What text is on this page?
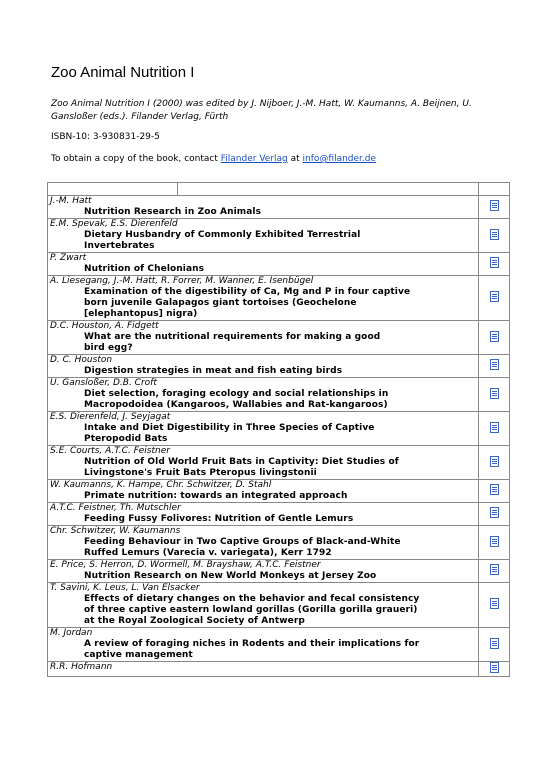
Zoo Animal Nutrition I
Zoo Animal Nutrition I (2000) was edited by J. Nijboer, J.-M. Hatt, W. Kaumanns, A. Beijnen, U. Gansloßer (eds.). Filander Verlag, Fürth
ISBN-10: 3-930831-29-5
To obtain a copy of the book, contact Filander Verlag at info@filander.de

J.-M. Hatt
Nutrition Research in Zoo Animals		

E.M. Spevak, E.S. Dierenfeld
Dietary Husbandry of Commonly Exhibited Terrestrial
Invertebrates		

P. Zwart
Nutrition of Chelonians		

A. Liesegang, J.-M. Hatt, R. Forrer, M. Wanner, E. Isenbügel
Examination of the digestibility of Ca, Mg and P in four captive
born juvenile Galapagos giant tortoises (Geochelone
[elephantopus] nigra)		

D.C. Houston, A. Fidgett
What are the nutritional requirements for making a good
bird egg?		

D. C. Houston
Digestion strategies in meat and fish eating birds		

U. Gansloßer, D.B. Croft
Diet selection, foraging ecology and social relationships in
Macropodoidea (Kangaroos, Wallabies and Rat-kangaroos)		

E.S. Dierenfeld, J. Seyjagat
Intake and Diet Digestibility in Three Species of Captive
Pteropodid Bats		

S.E. Courts, A.T.C. Feistner
Nutrition of Old World Fruit Bats in Captivity: Diet Studies of
Livingstone's Fruit Bats Pteropus livingstonii		

W. Kaumanns, K. Hampe, Chr. Schwitzer, D. Stahl
Primate nutrition: towards an integrated approach		

A.T.C. Feistner, Th. Mutschler
Feeding Fussy Folivores: Nutrition of Gentle Lemurs		

Chr. Schwitzer, W. Kaumanns
Feeding Behaviour in Two Captive Groups of Black-and-White
Ruffed Lemurs (Varecia v. variegata), Kerr 1792		

E. Price, S. Herron, D. Wormell, M. Brayshaw, A.T.C. Feistner
Nutrition Research on New World Monkeys at Jersey Zoo		

T. Savini, K. Leus, L. Van Elsacker
Effects of dietary changes on the behavior and fecal consistency
of three captive eastern lowland gorillas (Gorilla gorilla graueri)
at the Royal Zoological Society of Antwerp		

M. Jordan
A review of foraging niches in Rodents and their implications for
captive management		

R.R. Hofmann		
